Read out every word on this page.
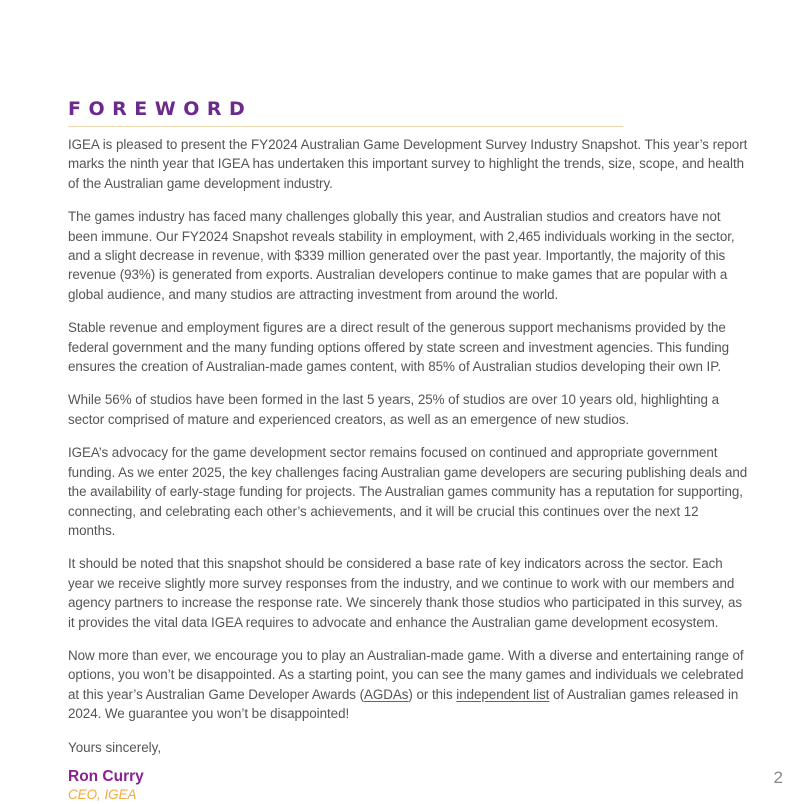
FOREWORD

IGEA is pleased to present the FY2024 Australian Game Development Survey Industry Snapshot. This year’s report marks the ninth year that IGEA has undertaken this important survey to highlight the trends, size, scope, and health of the Australian game development industry.

The games industry has faced many challenges globally this year, and Australian studios and creators have not been immune. Our FY2024 Snapshot reveals stability in employment, with 2,465 individuals working in the sector, and a slight decrease in revenue, with $339 million generated over the past year. Importantly, the majority of this revenue (93%) is generated from exports. Australian developers continue to make games that are popular with a global audience, and many studios are attracting investment from around the world.

Stable revenue and employment figures are a direct result of the generous support mechanisms provided by the federal government and the many funding options offered by state screen and investment agencies. This funding ensures the creation of Australian-made games content, with 85% of Australian studios developing their own IP.

While 56% of studios have been formed in the last 5 years, 25% of studios are over 10 years old, highlighting a sector comprised of mature and experienced creators, as well as an emergence of new studios.

IGEA’s advocacy for the game development sector remains focused on continued and appropriate government funding. As we enter 2025, the key challenges facing Australian game developers are securing publishing deals and the availability of early-stage funding for projects. The Australian games community has a reputation for supporting, connecting, and celebrating each other’s achievements, and it will be crucial this continues over the next 12 months.

It should be noted that this snapshot should be considered a base rate of key indicators across the sector. Each year we receive slightly more survey responses from the industry, and we continue to work with our members and agency partners to increase the response rate. We sincerely thank those studios who participated in this survey, as it provides the vital data IGEA requires to advocate and enhance the Australian game development ecosystem.

Now more than ever, we encourage you to play an Australian-made game. With a diverse and entertaining range of options, you won’t be disappointed. As a starting point, you can see the many games and individuals we celebrated at this year’s Australian Game Developer Awards (AGDAs) or this independent list of Australian games released in 2024. We guarantee you won’t be disappointed!

Yours sincerely,

Ron Curry

CEO, IGEA

2
